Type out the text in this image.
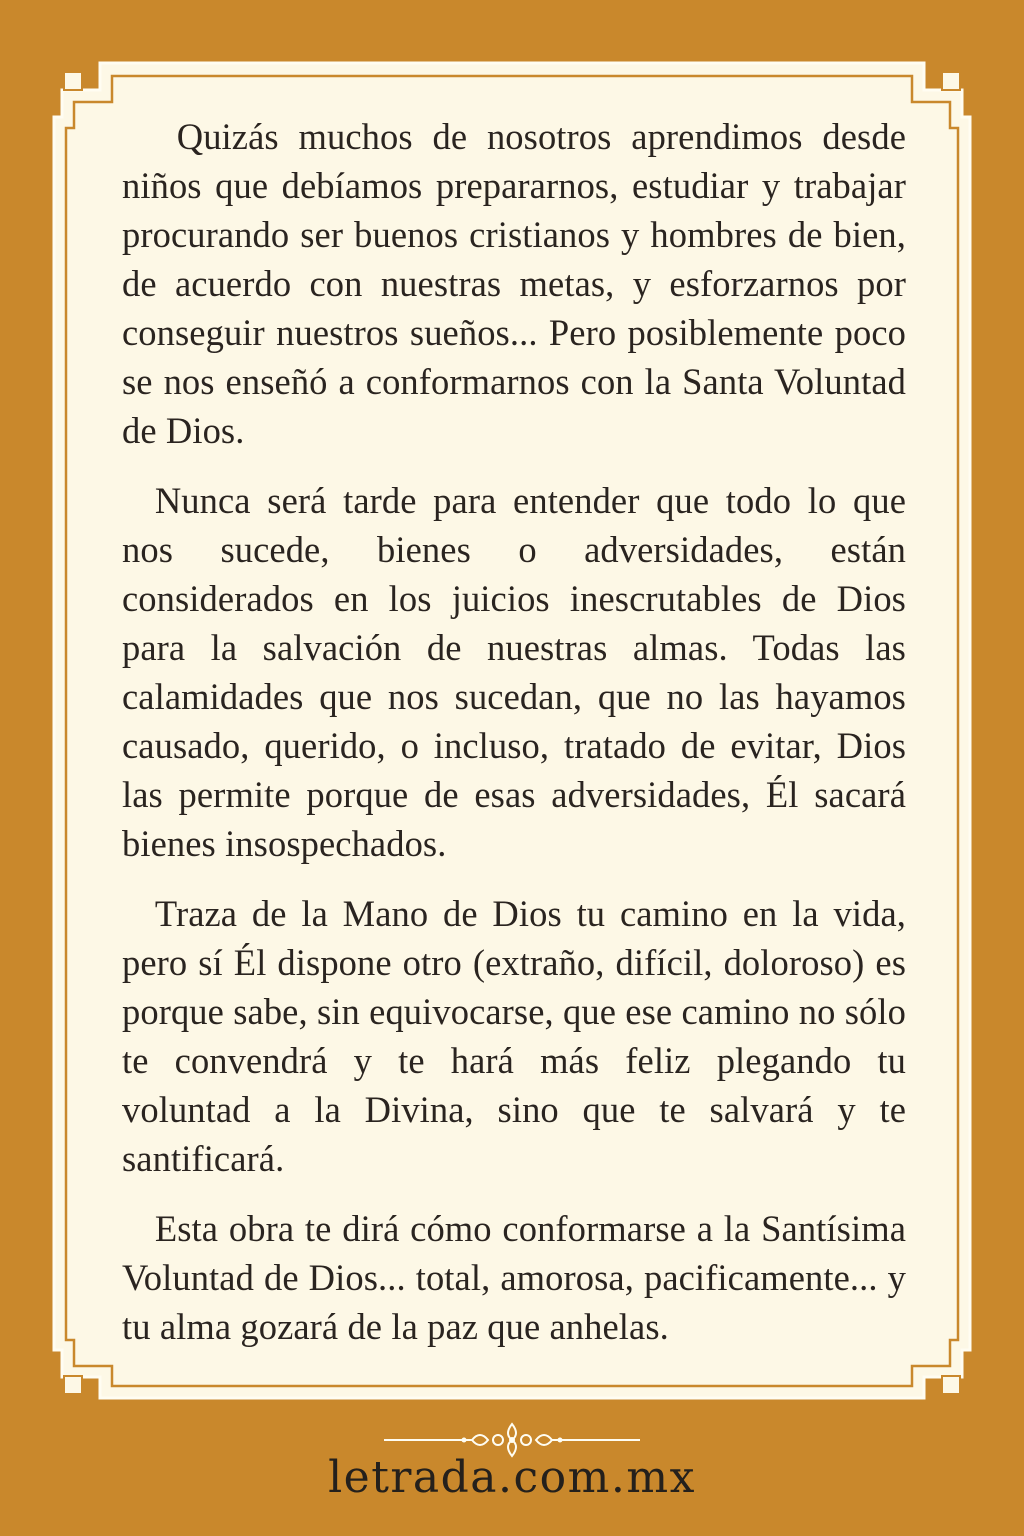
Quizás muchos de nosotros aprendimos desde niños que debíamos prepararnos, estudiar y trabajar procurando ser buenos cristianos y hombres de bien, de acuerdo con nuestras metas, y esforzarnos por conseguir nuestros sueños... Pero posiblemente poco se nos enseñó a conformarnos con la Santa Voluntad de Dios.

Nunca será tarde para entender que todo lo que nos sucede, bienes o adversidades, están considerados en los juicios inescrutables de Dios para la salvación de nuestras almas. Todas las calamidades que nos sucedan, que no las hayamos causado, querido, o incluso, tratado de evitar, Dios las permite porque de esas adversidades, Él sacará bienes insospechados.

Traza de la Mano de Dios tu camino en la vida, pero sí Él dispone otro (extraño, difícil, doloroso) es porque sabe, sin equivocarse, que ese camino no sólo te convendrá y te hará más feliz plegando tu voluntad a la Divina, sino que te salvará y te santificará.

Esta obra te dirá cómo conformarse a la Santísima Voluntad de Dios... total, amorosa, pacificamente... y tu alma gozará de la paz que anhelas.

letrada.com.mx
